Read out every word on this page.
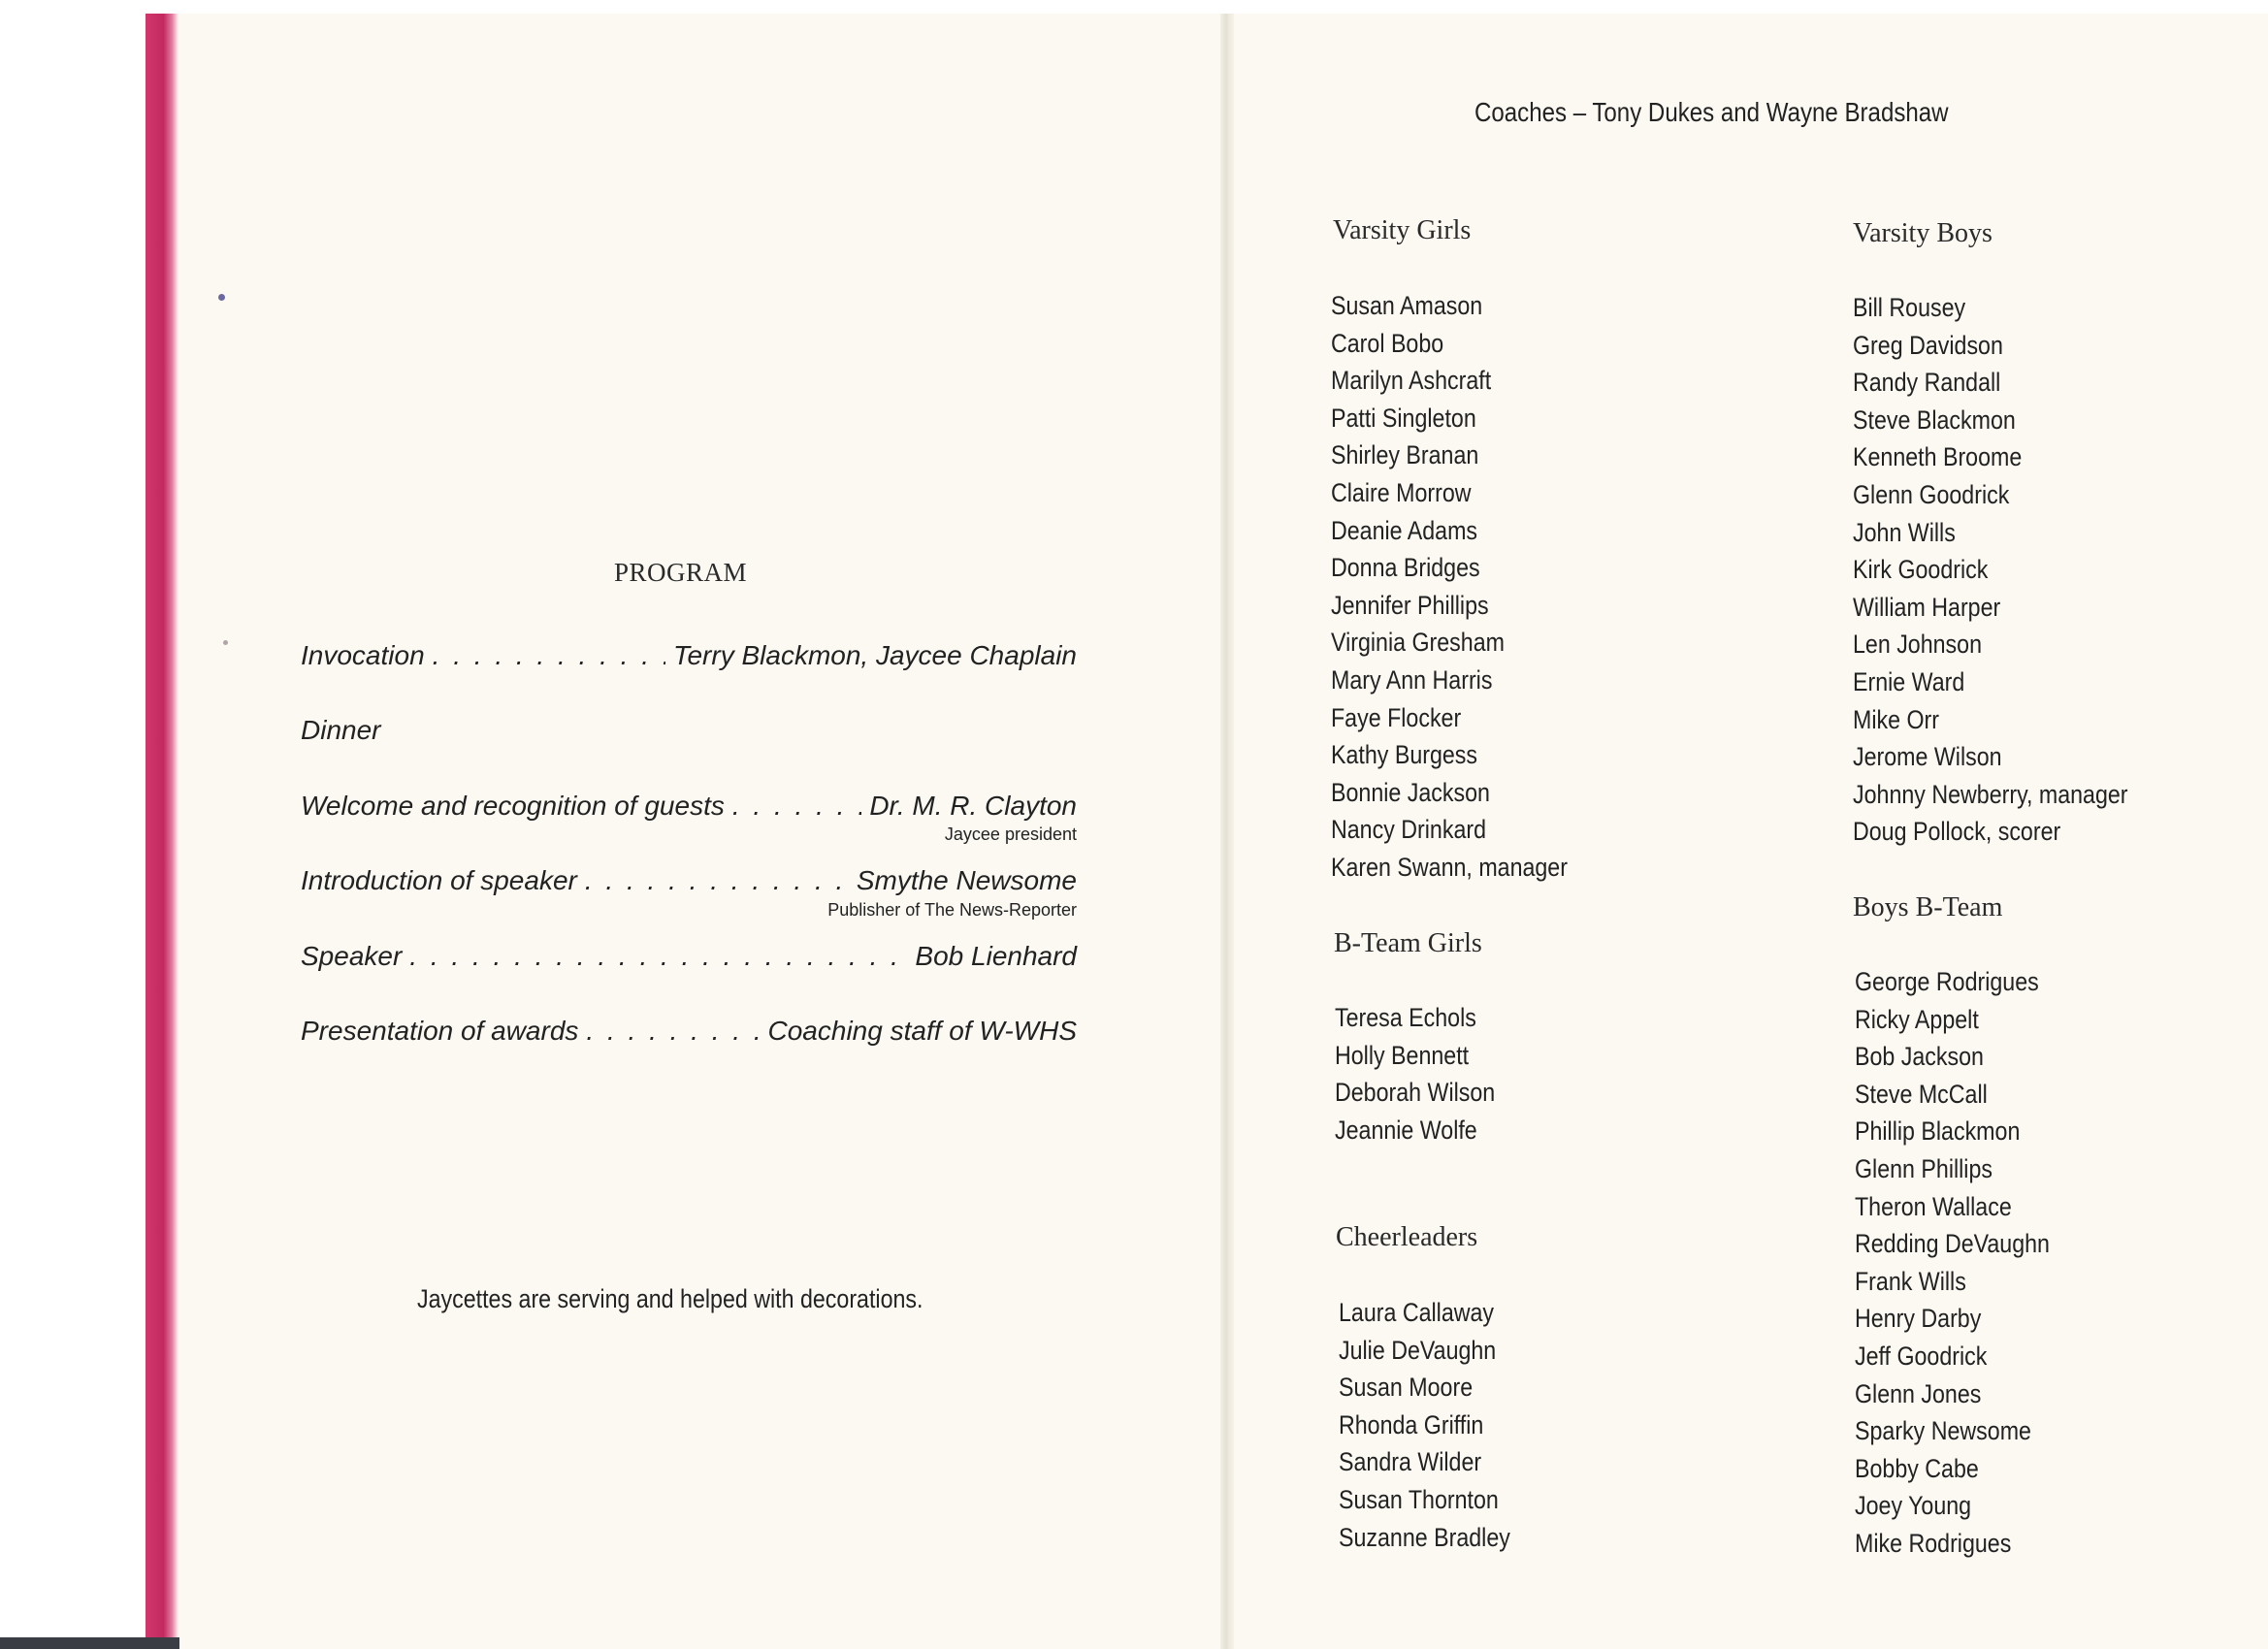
PROGRAM
Invocation . . .	Terry Blackmon, Jaycee Chaplain
Dinner
Welcome and recognition of guests . . .	Dr. M. R. Clayton
Jaycee president
Introduction of speaker . . .	Smythe Newsome
Publisher of The News-Reporter
Speaker . . .	Bob Lienhard
Presentation of awards . . .	Coaching staff of W-WHS
Jaycettes are serving and helped with decorations.
Coaches – Tony Dukes and Wayne Bradshaw
Varsity Girls
Susan Amason
Carol Bobo
Marilyn Ashcraft
Patti Singleton
Shirley Branan
Claire Morrow
Deanie Adams
Donna Bridges
Jennifer Phillips
Virginia Gresham
Mary Ann Harris
Faye Flocker
Kathy Burgess
Bonnie Jackson
Nancy Drinkard
Karen Swann, manager
B-Team Girls
Teresa Echols
Holly Bennett
Deborah Wilson
Jeannie Wolfe
Cheerleaders
Laura Callaway
Julie DeVaughn
Susan Moore
Rhonda Griffin
Sandra Wilder
Susan Thornton
Suzanne Bradley
Varsity Boys
Bill Rousey
Greg Davidson
Randy Randall
Steve Blackmon
Kenneth Broome
Glenn Goodrick
John Wills
Kirk Goodrick
William Harper
Len Johnson
Ernie Ward
Mike Orr
Jerome Wilson
Johnny Newberry, manager
Doug Pollock, scorer
Boys B-Team
George Rodrigues
Ricky Appelt
Bob Jackson
Steve McCall
Phillip Blackmon
Glenn Phillips
Theron Wallace
Redding DeVaughn
Frank Wills
Henry Darby
Jeff Goodrick
Glenn Jones
Sparky Newsome
Bobby Cabe
Joey Young
Mike Rodrigues
